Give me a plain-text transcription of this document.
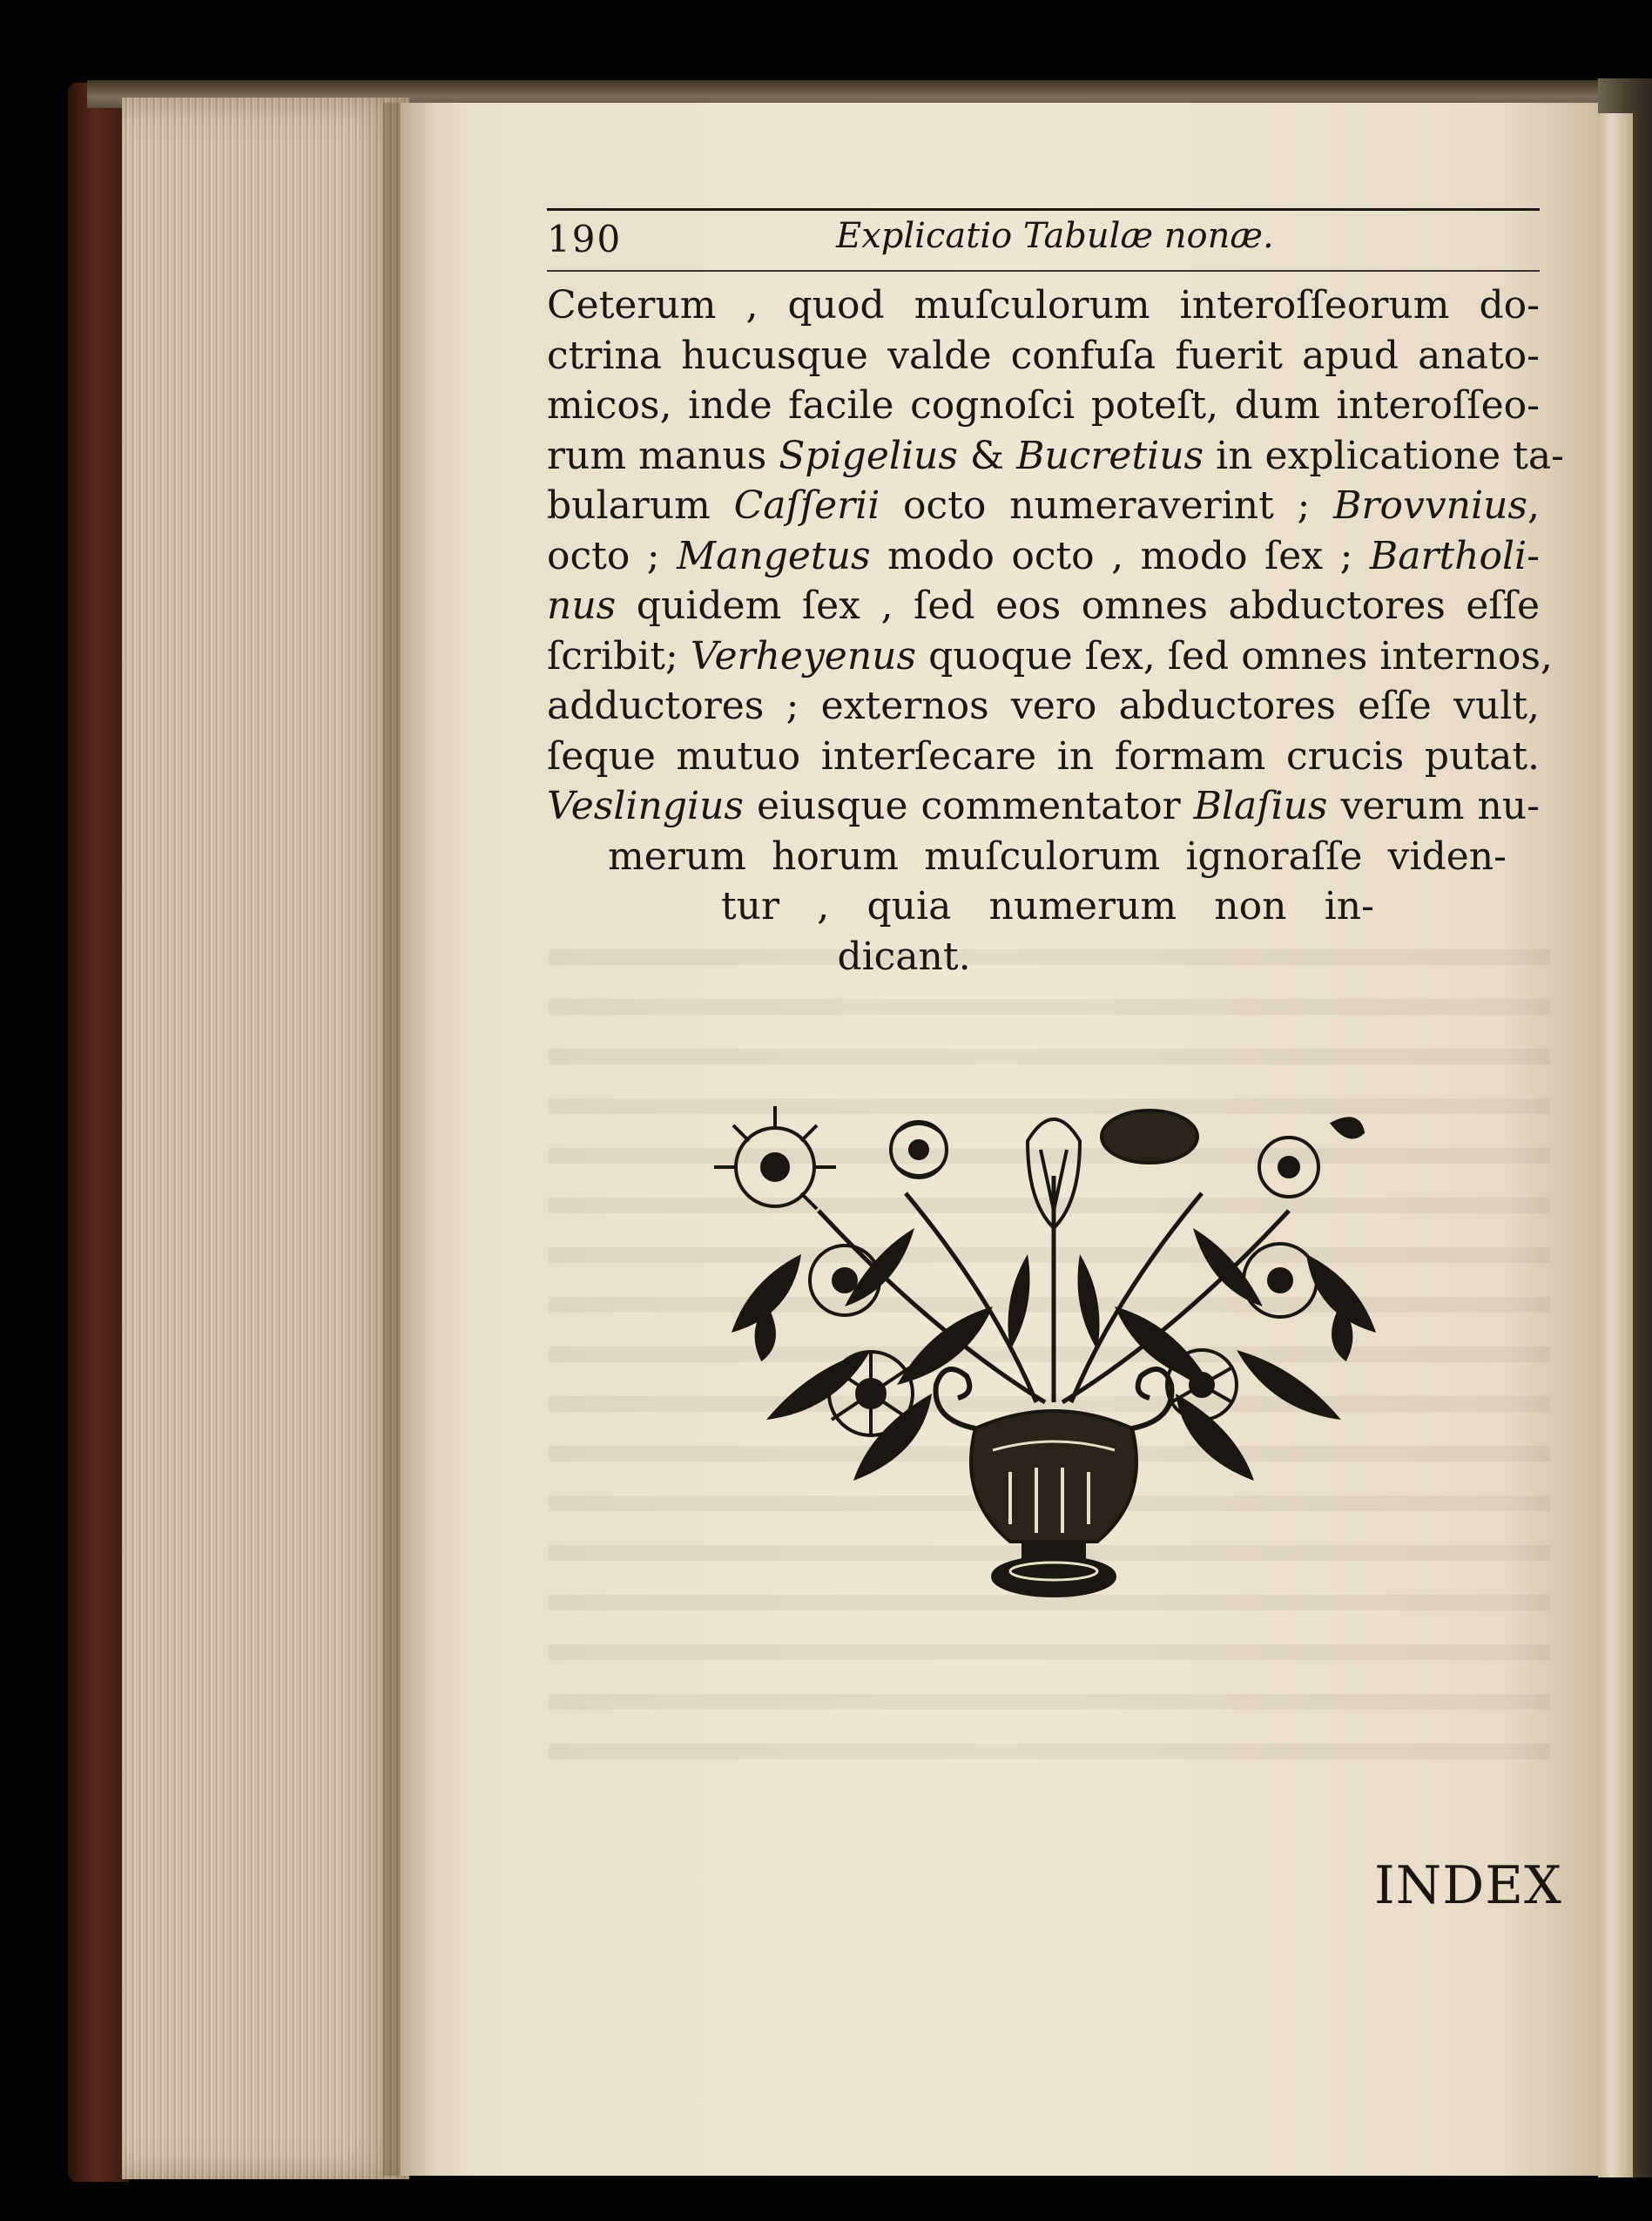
190	Explicatio Tabulæ nonæ.
Ceterum , quod muſculorum interoſſeorum do-
ctrina hucusque valde confuſa fuerit apud anato-
micos, inde facile cognoſci poteſt, dum interoſſeo-
rum manus Spigelius & Bucretius in explicatione ta-
bularum Caſſerii octo numeraverint ; Brovvnius,
octo ; Mangetus modo octo , modo ſex ; Bartholi-
nus quidem ſex , ſed eos omnes abductores eſſe
ſcribit; Verheyenus quoque ſex, ſed omnes internos,
adductores ; externos vero abductores eſſe vult,
ſeque mutuo interſecare in formam crucis putat.
Veslingius eiusque commentator Blaſius verum nu-
merum horum muſculorum ignoraſſe viden-
tur , quia numerum non in-
dicant.
INDEX
